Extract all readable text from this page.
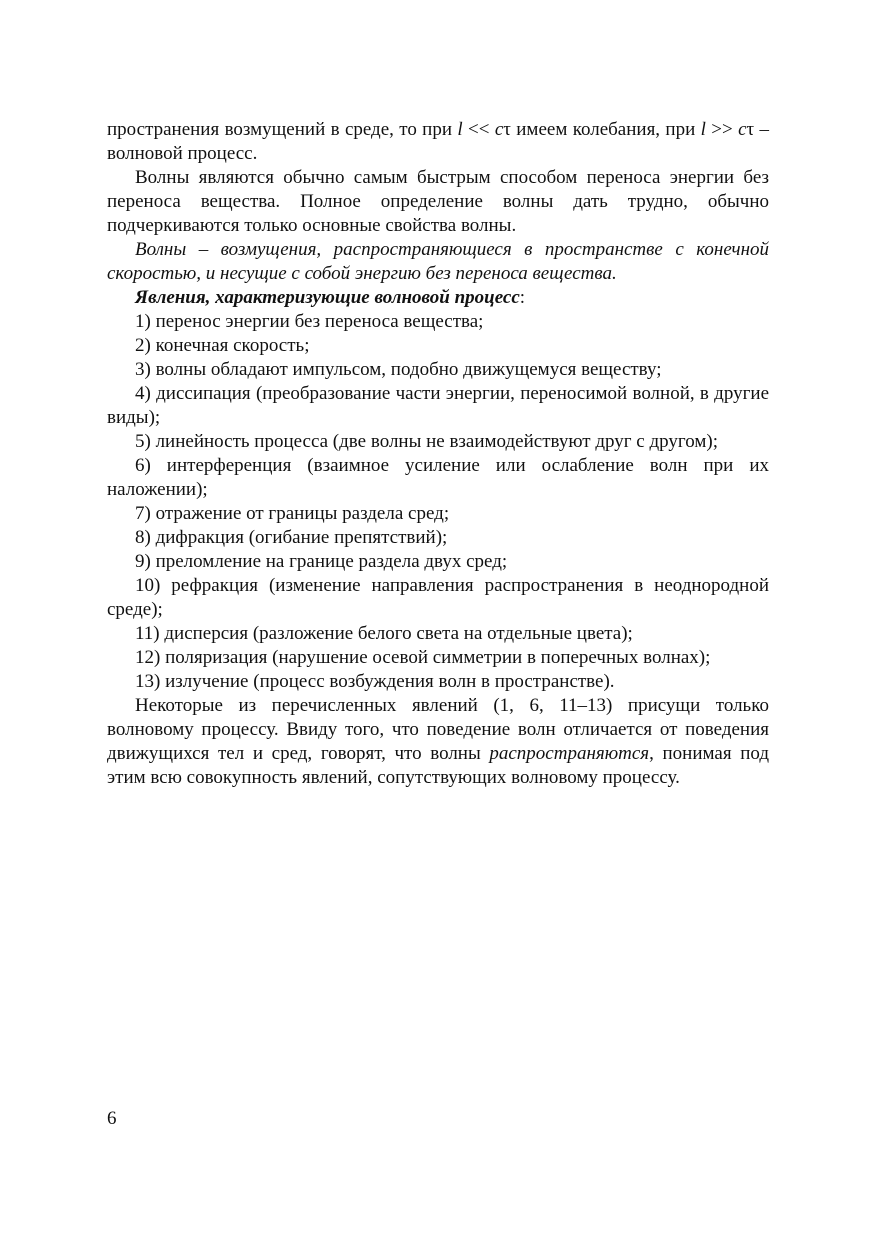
пространения возмущений в среде, то при l << cτ имеем колебания, при l >> cτ – волновой процесс.

Волны являются обычно самым быстрым способом переноса энергии без переноса вещества. Полное определение волны дать трудно, обычно подчеркиваются только основные свойства волны.

Волны – возмущения, распространяющиеся в пространстве с конечной скоростью, и несущие с собой энергию без переноса вещества.

Явления, характеризующие волновой процесс:

1) перенос энергии без переноса вещества;

2) конечная скорость;

3) волны обладают импульсом, подобно движущемуся веществу;

4) диссипация (преобразование части энергии, переносимой волной, в другие виды);

5) линейность процесса (две волны не взаимодействуют друг с другом);

6) интерференция (взаимное усиление или ослабление волн при их наложении);

7) отражение от границы раздела сред;

8) дифракция (огибание препятствий);

9) преломление на границе раздела двух сред;

10) рефракция (изменение направления распространения в неоднородной среде);

11) дисперсия (разложение белого света на отдельные цвета);

12) поляризация (нарушение осевой симметрии в поперечных волнах);

13) излучение (процесс возбуждения волн в пространстве).

Некоторые из перечисленных явлений (1, 6, 11–13) присущи только волновому процессу. Ввиду того, что поведение волн отличается от поведения движущихся тел и сред, говорят, что волны распространяются, понимая под этим всю совокупность явлений, сопутствующих волновому процессу.

6
